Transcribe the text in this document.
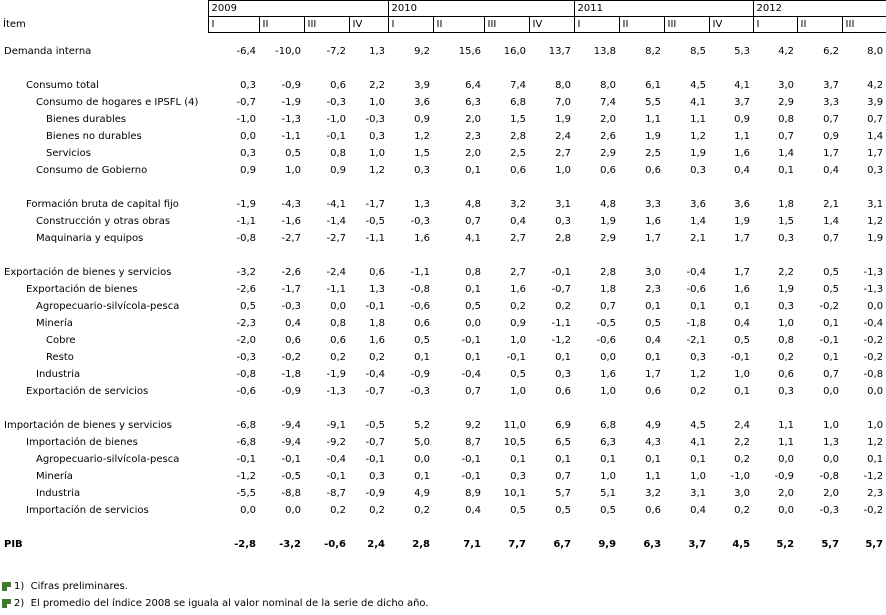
	2009				2010				2011				2012		
Ítem	I	II	III	IV	I	II	III	IV	I	II	III	IV	I	II	III

Demanda interna	-6,4	-10,0	-7,2	1,3	9,2	15,6	16,0	13,7	13,8	8,2	8,5	5,3	4,2	6,2	8,0

Consumo total	0,3	-0,9	0,6	2,2	3,9	6,4	7,4	8,0	8,0	6,1	4,5	4,1	3,0	3,7	4,2
Consumo de hogares e IPSFL (4)	-0,7	-1,9	-0,3	1,0	3,6	6,3	6,8	7,0	7,4	5,5	4,1	3,7	2,9	3,3	3,9
Bienes durables	-1,0	-1,3	-1,0	-0,3	0,9	2,0	1,5	1,9	2,0	1,1	1,1	0,9	0,8	0,7	0,7
Bienes no durables	0,0	-1,1	-0,1	0,3	1,2	2,3	2,8	2,4	2,6	1,9	1,2	1,1	0,7	0,9	1,4
Servicios	0,3	0,5	0,8	1,0	1,5	2,0	2,5	2,7	2,9	2,5	1,9	1,6	1,4	1,7	1,7
Consumo de Gobierno	0,9	1,0	0,9	1,2	0,3	0,1	0,6	1,0	0,6	0,6	0,3	0,4	0,1	0,4	0,3

Formación bruta de capital fijo	-1,9	-4,3	-4,1	-1,7	1,3	4,8	3,2	3,1	4,8	3,3	3,6	3,6	1,8	2,1	3,1
Construcción y otras obras	-1,1	-1,6	-1,4	-0,5	-0,3	0,7	0,4	0,3	1,9	1,6	1,4	1,9	1,5	1,4	1,2
Maquinaria y equipos	-0,8	-2,7	-2,7	-1,1	1,6	4,1	2,7	2,8	2,9	1,7	2,1	1,7	0,3	0,7	1,9

Exportación de bienes y servicios	-3,2	-2,6	-2,4	0,6	-1,1	0,8	2,7	-0,1	2,8	3,0	-0,4	1,7	2,2	0,5	-1,3
Exportación de bienes	-2,6	-1,7	-1,1	1,3	-0,8	0,1	1,6	-0,7	1,8	2,3	-0,6	1,6	1,9	0,5	-1,3
Agropecuario-silvícola-pesca	0,5	-0,3	0,0	-0,1	-0,6	0,5	0,2	0,2	0,7	0,1	0,1	0,1	0,3	-0,2	0,0
Minería	-2,3	0,4	0,8	1,8	0,6	0,0	0,9	-1,1	-0,5	0,5	-1,8	0,4	1,0	0,1	-0,4
Cobre	-2,0	0,6	0,6	1,6	0,5	-0,1	1,0	-1,2	-0,6	0,4	-2,1	0,5	0,8	-0,1	-0,2
Resto	-0,3	-0,2	0,2	0,2	0,1	0,1	-0,1	0,1	0,0	0,1	0,3	-0,1	0,2	0,1	-0,2
Industria	-0,8	-1,8	-1,9	-0,4	-0,9	-0,4	0,5	0,3	1,6	1,7	1,2	1,0	0,6	0,7	-0,8
Exportación de servicios	-0,6	-0,9	-1,3	-0,7	-0,3	0,7	1,0	0,6	1,0	0,6	0,2	0,1	0,3	0,0	0,0

Importación de bienes y servicios	-6,8	-9,4	-9,1	-0,5	5,2	9,2	11,0	6,9	6,8	4,9	4,5	2,4	1,1	1,0	1,0
Importación de bienes	-6,8	-9,4	-9,2	-0,7	5,0	8,7	10,5	6,5	6,3	4,3	4,1	2,2	1,1	1,3	1,2
Agropecuario-silvícola-pesca	-0,1	-0,1	-0,4	-0,1	0,0	-0,1	0,1	0,1	0,1	0,1	0,1	0,2	0,0	0,0	0,1
Minería	-1,2	-0,5	-0,1	0,3	0,1	-0,1	0,3	0,7	1,0	1,1	1,0	-1,0	-0,9	-0,8	-1,2
Industria	-5,5	-8,8	-8,7	-0,9	4,9	8,9	10,1	5,7	5,1	3,2	3,1	3,0	2,0	2,0	2,3
Importación de servicios	0,0	0,0	0,2	0,2	0,2	0,4	0,5	0,5	0,5	0,6	0,4	0,2	0,0	-0,3	-0,2

PIB	-2,8	-3,2	-0,6	2,4	2,8	7,1	7,7	6,7	9,9	6,3	3,7	4,5	5,2	5,7	5,7
1 ) Cifras preliminares.
2 ) El promedio del índice 2008 se iguala al valor nominal de la serie de dicho año.
